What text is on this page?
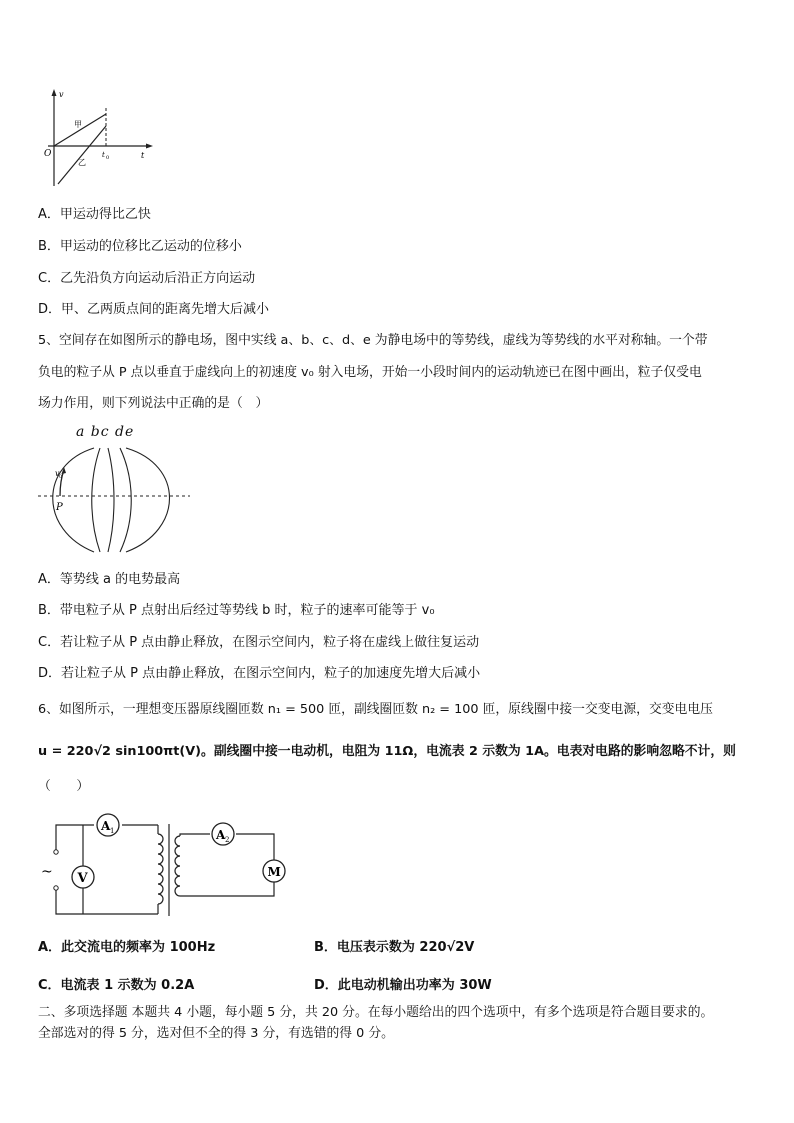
v
t
O	t 0
甲
乙
A．甲运动得比乙快
B．甲运动的位移比乙运动的位移小
C．乙先沿负方向运动后沿正方向运动
D．甲、乙两质点间的距离先增大后减小
5、空间存在如图所示的静电场，图中实线 a、b、c、d、e 为静电场中的等势线，虚线为等势线的水平对称轴。一个带
负电的粒子从 P 点以垂直于虚线向上的初速度 v₀ 射入电场，开始一小段时间内的运动轨迹已在图中画出，粒子仅受电
场力作用，则下列说法中正确的是（　）
a bc de
v 0
P
A．等势线 a 的电势最高
B．带电粒子从 P 点射出后经过等势线 b 时，粒子的速率可能等于 v₀
C．若让粒子从 P 点由静止释放，在图示空间内，粒子将在虚线上做往复运动
D．若让粒子从 P 点由静止释放，在图示空间内，粒子的加速度先增大后减小
6、如图所示，一理想变压器原线圈匝数 n₁ = 500 匝，副线圈匝数 n₂ = 100 匝，原线圈中接一交变电源，交变电电压
u = 220√2 sin100πt(V)。副线圈中接一电动机，电阻为 11Ω，电流表 2 示数为 1A。电表对电路的影响忽略不计，则
（　　）
~ V
A 1	A 2
M
A．此交流电的频率为 100Hz	B．电压表示数为 220√2V
C．电流表 1 示数为 0.2A	D．此电动机输出功率为 30W
二、多项选择题 本题共 4 小题，每小题 5 分，共 20 分。在每小题给出的四个选项中，有多个选项是符合题目要求的。
全部选对的得 5 分，选对但不全的得 3 分，有选错的得 0 分。
